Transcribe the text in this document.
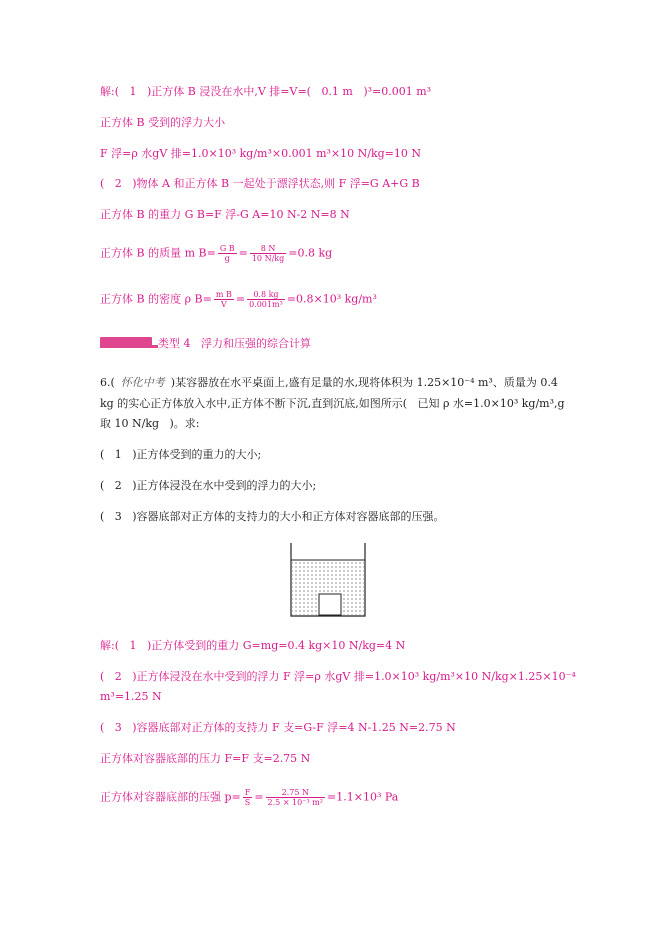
解:(   1   )正方体 B 浸没在水中,V 排=V=(   0.1 m   )³=0.001 m³
正方体 B 受到的浮力大小
F 浮=ρ 水gV 排=1.0×10³ kg/m³×0.001 m³×10 N/kg=10 N
(   2   )物体 A 和正方体 B 一起处于漂浮状态,则 F 浮=G A+G B
正方体 B 的重力 G B=F 浮-G A=10 N-2 N=8 N
正方体 B 的质量 m $B= \frac{\text{G B}}{g} = \frac{8 N}{10 N/kg} =0.8$ kg
正方体 B 的密度 ρ $B= \frac{\text{m B}}{V} = \frac{0.8 kg}{\text{0.001m³}} =0.8\times 10^3$ kg/m³
类型 4   浮力和压强的综合计算
6.( 怀化中考 )某容器放在水平桌面上,盛有足量的水,现将体积为 1.25×10⁻⁴ m³、质量为 0.4
kg 的实心正方体放入水中,正方体不断下沉,直到沉底,如图所示(   已知 ρ 水=1.0×10³ kg/m³,g
取 10 N/kg   )。求:
(   1   )正方体受到的重力的大小;
(   2   )正方体浸没在水中受到的浮力的大小;
(   3   )容器底部对正方体的支持力的大小和正方体对容器底部的压强。
解:(   1   )正方体受到的重力 G=mg=0.4 kg×10 N/kg=4 N
(   2   )正方体浸没在水中受到的浮力 F 浮=ρ 水gV 排=1.0×10³ kg/m³×10 N/kg×1.25×10⁻⁴
m³=1.25 N
(   3   )容器底部对正方体的支持力 F 支=G-F 浮=4 N-1.25 N=2.75 N
正方体对容器底部的压力 F=F 支=2.75 N
正方体对容器底部的压强 $p= \frac{F}{S} = \frac{2.75 N}{\text{2.5 × 10⁻³ m²}} =1.1\times 10^3$ Pa
